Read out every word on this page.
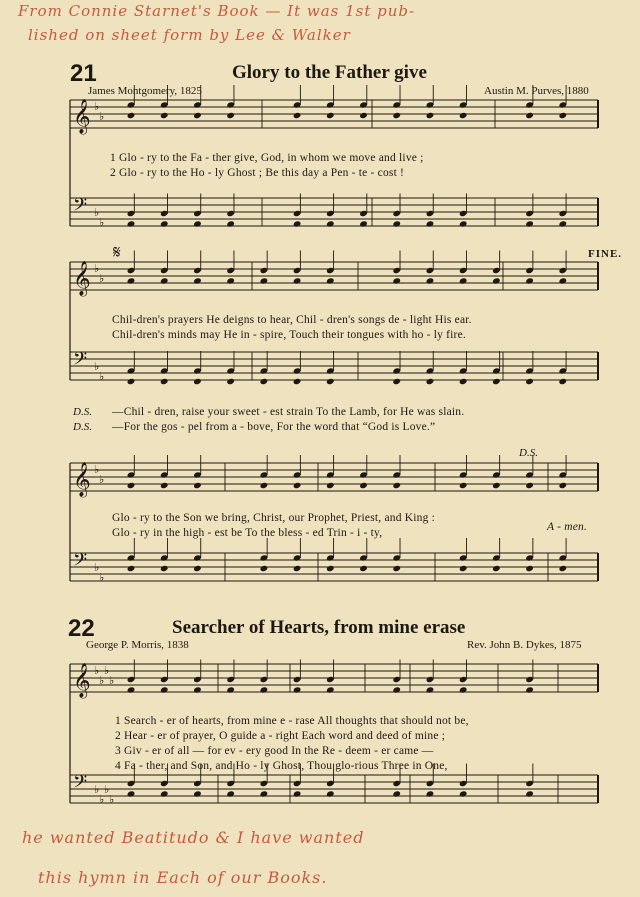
From Connie Starnet's Book — It was 1st pub-
lished on sheet form by Lee & Walker
he wanted Beatitudo & I have wanted
this hymn in Each of our Books.
21	Glory to the Father give
James Montgomery, 1825	Austin M. Purves, 1880
1 Glo - ry to the Fa - ther give, God, in whom we move and live ;
2 Glo - ry to the Ho - ly Ghost ; Be this day a Pen - te - cost !
FINE.
𝄋
Chil-dren's prayers He deigns to hear, Chil - dren's songs de - light His ear.
Chil-dren's minds may He in - spire, Touch their tongues with ho - ly fire.
D.S. —Chil - dren, raise your sweet - est strain To the Lamb, for He was slain.
D.S. —For the gos - pel from a - bove, For the word that “God is Love.”
D.S.
Glo - ry to the Son we bring, Christ, our Prophet, Priest, and King :
Glo - ry in the high - est be To the bless - ed Trin - i - ty,	A - men.
22	Searcher of Hearts, from mine erase
George P. Morris, 1838	Rev. John B. Dykes, 1875
1 Search - er of hearts, from mine e - rase All thoughts that should not be,
2 Hear - er of prayer, O guide a - right Each word and deed of mine ;
3 Giv - er of all — for ev - ery good In the Re - deem - er came —
4 Fa - ther, and Son, and Ho - ly Ghost, Thou glo-rious Three in One,
𝄞 ♭
♭
𝄢 ♭
♭
𝄞 ♭
♭
𝄢 ♭
♭
𝄞 ♭
♭
𝄢 ♭
♭
𝄞 ♭
♭
♭
♭
𝄢 ♭
♭
♭
♭
